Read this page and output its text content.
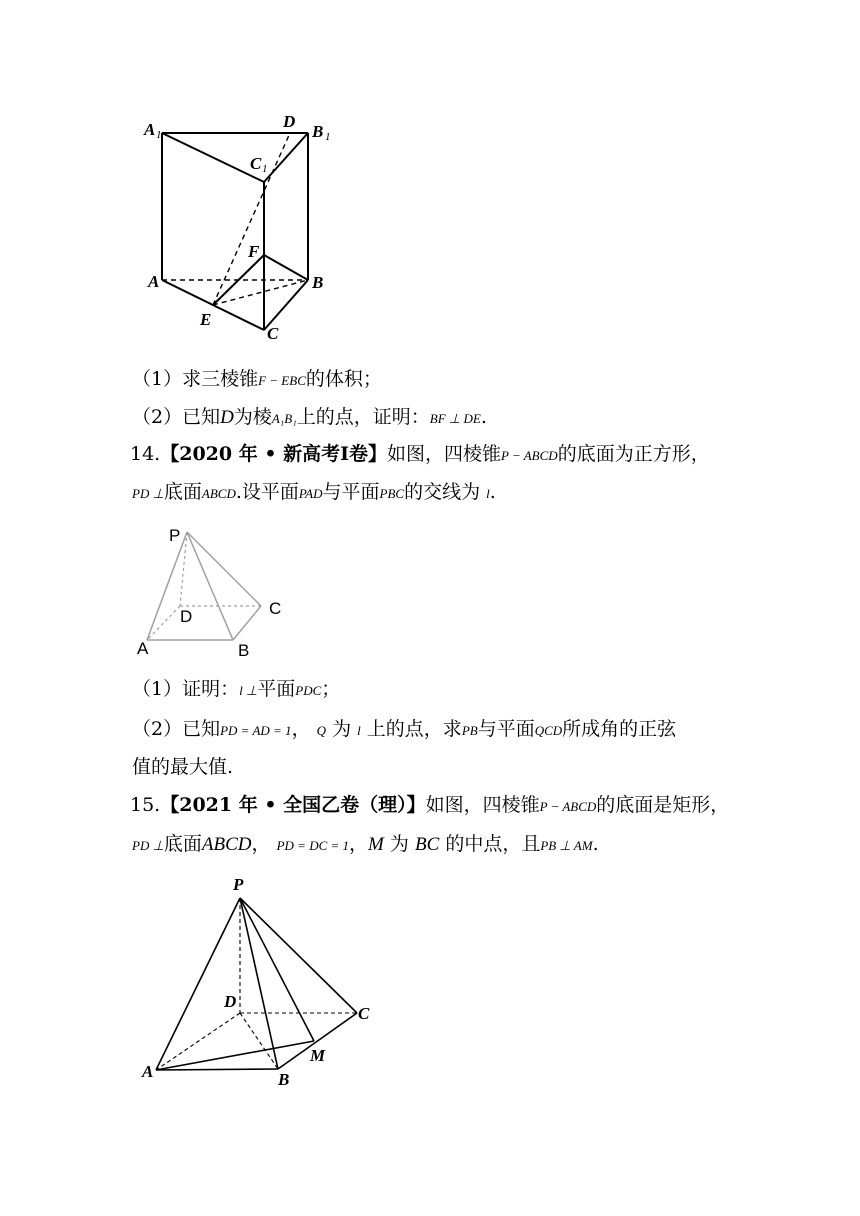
A 1
D
B 1
C 1
F
A	B
E
C
（1）求三棱锥F − EBC的体积；
（2）已知D为棱A₁B₁上的点，证明：BF ⊥ DE.
14.【2020 年 • 新高考Ⅰ卷】如图，四棱锥P − ABCD的底面为正方形，
PD ⊥底面ABCD.设平面PAD与平面PBC的交线为 l.
P
D	C
A	B
（1）证明：l ⊥平面PDC；
（2）已知PD = AD = 1， Q 为 l 上的点，求PB与平面QCD所成角的正弦
值的最大值.
15.【2021 年 • 全国乙卷（理）】如图，四棱锥P − ABCD的底面是矩形，
PD ⊥底面ABCD， PD = DC = 1，M 为 BC 的中点，且PB ⊥ AM.
P
D
C
M
A	B
